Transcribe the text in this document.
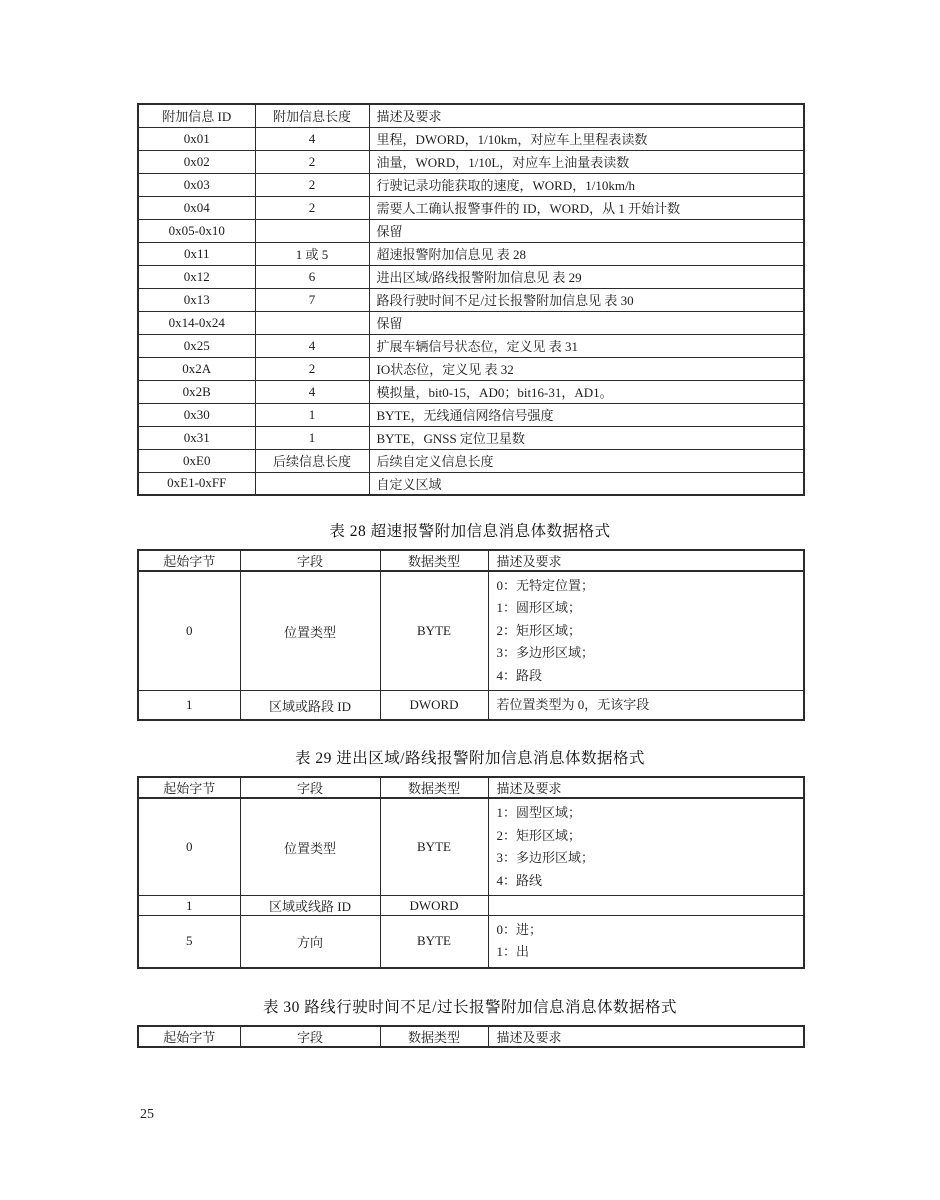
附加信息 ID	附加信息长度	描述及要求
0x01	4	里程，DWORD，1/10km，对应车上里程表读数
0x02	2	油量，WORD，1/10L，对应车上油量表读数
0x03	2	行驶记录功能获取的速度，WORD，1/10km/h
0x04	2	需要人工确认报警事件的 ID，WORD，从 1 开始计数
0x05-0x10		保留
0x11	1 或 5	超速报警附加信息见 表 28
0x12	6	进出区域/路线报警附加信息见 表 29
0x13	7	路段行驶时间不足/过长报警附加信息见 表 30
0x14-0x24		保留
0x25	4	扩展车辆信号状态位，定义见 表 31
0x2A	2	IO状态位，定义见 表 32
0x2B	4	模拟量，bit0-15，AD0；bit16-31，AD1。
0x30	1	BYTE，无线通信网络信号强度
0x31	1	BYTE，GNSS 定位卫星数
0xE0	后续信息长度	后续自定义信息长度
0xE1-0xFF		自定义区域
表 28 超速报警附加信息消息体数据格式
起始字节	字段	数据类型	描述及要求
0	位置类型	BYTE	0：无特定位置；
1：圆形区域；
2：矩形区域；
3：多边形区域；
4：路段

1	区域或路段 ID	DWORD	若位置类型为 0，无该字段
表 29 进出区域/路线报警附加信息消息体数据格式
起始字节	字段	数据类型	描述及要求
0	位置类型	BYTE	1：圆型区域；
2：矩形区域；
3：多边形区域；
4：路线

1	区域或线路 ID	DWORD	

5	方向	BYTE	0：进；
1：出
表 30 路线行驶时间不足/过长报警附加信息消息体数据格式
起始字节	字段	数据类型	描述及要求
25
